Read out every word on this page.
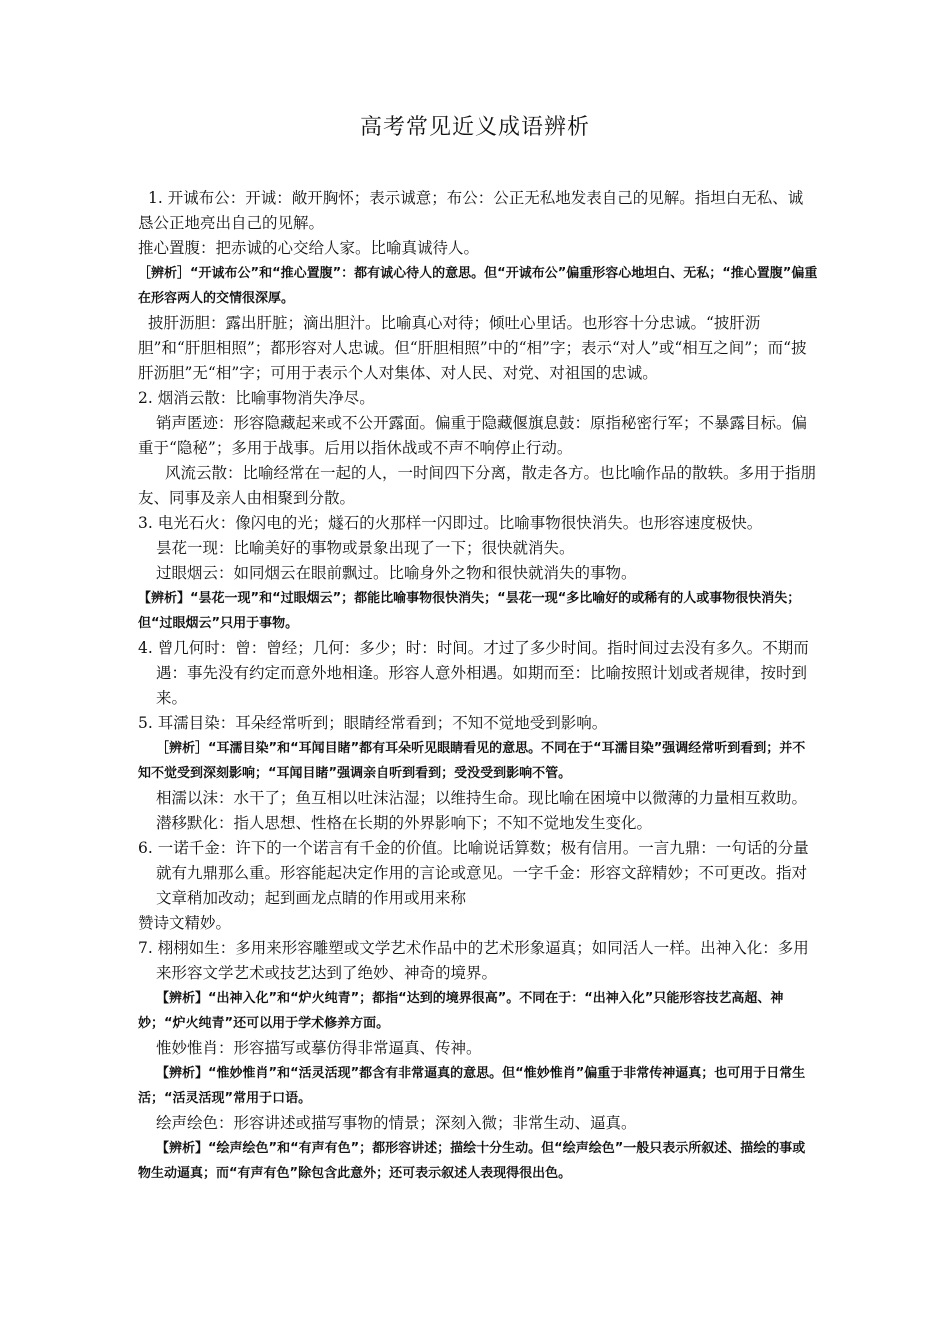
高考常见近义成语辨析

1. 开诚布公：开诚：敞开胸怀；表示诚意；布公：公正无私地发表自己的见解。指坦白无私、诚恳公正地亮出自己的见解。

推心置腹：把赤诚的心交给人家。比喻真诚待人。

［辨析］“开诚布公”和“推心置腹”：都有诚心待人的意思。但“开诚布公”偏重形容心地坦白、无私；“推心置腹”偏重在形容两人的交情很深厚。

披肝沥胆：露出肝脏；滴出胆汁。比喻真心对待；倾吐心里话。也形容十分忠诚。“披肝沥胆”和“肝胆相照”；都形容对人忠诚。但“肝胆相照”中的“相”字；表示“对人”或“相互之间”；而“披肝沥胆”无“相”字；可用于表示个人对集体、对人民、对党、对祖国的忠诚。

2. 烟消云散：比喻事物消失净尽。

销声匿迹：形容隐藏起来或不公开露面。偏重于隐藏偃旗息鼓：原指秘密行军；不暴露目标。偏重于“隐秘”；多用于战事。后用以指休战或不声不响停止行动。

风流云散：比喻经常在一起的人，一时间四下分离，散走各方。也比喻作品的散轶。多用于指朋友、同事及亲人由相聚到分散。

3. 电光石火：像闪电的光；燧石的火那样一闪即过。比喻事物很快消失。也形容速度极快。

昙花一现：比喻美好的事物或景象出现了一下；很快就消失。

过眼烟云：如同烟云在眼前飘过。比喻身外之物和很快就消失的事物。

【辨析】“昙花一现”和“过眼烟云”；都能比喻事物很快消失；“昙花一现“多比喻好的或稀有的人或事物很快消失；但“过眼烟云”只用于事物。

4. 曾几何时：曾：曾经；几何：多少；时：时间。才过了多少时间。指时间过去没有多久。不期而遇：事先没有约定而意外地相逢。形容人意外相遇。如期而至：比喻按照计划或者规律，按时到来。

5. 耳濡目染：耳朵经常听到；眼睛经常看到；不知不觉地受到影响。

［辨析］“耳濡目染”和“耳闻目睹”都有耳朵听见眼睛看见的意思。不同在于“耳濡目染”强调经常听到看到；并不知不觉受到深刻影响；“耳闻目睹”强调亲自听到看到；受没受到影响不管。

相濡以沫：水干了；鱼互相以吐沫沾湿；以维持生命。现比喻在困境中以微薄的力量相互救助。

潜移默化：指人思想、性格在长期的外界影响下；不知不觉地发生变化。

6. 一诺千金：许下的一个诺言有千金的价值。比喻说话算数；极有信用。一言九鼎：一句话的分量就有九鼎那么重。形容能起决定作用的言论或意见。一字千金：形容文辞精妙；不可更改。指对文章稍加改动；起到画龙点睛的作用或用来称

赞诗文精妙。

7. 栩栩如生：多用来形容雕塑或文学艺术作品中的艺术形象逼真；如同活人一样。出神入化：多用来形容文学艺术或技艺达到了绝妙、神奇的境界。

【辨析】“出神入化”和“炉火纯青”；都指“达到的境界很高”。不同在于：“出神入化”只能形容技艺高超、神妙；“炉火纯青”还可以用于学术修养方面。

惟妙惟肖：形容描写或摹仿得非常逼真、传神。

【辨析】“惟妙惟肖”和“活灵活现”都含有非常逼真的意思。但“惟妙惟肖”偏重于非常传神逼真；也可用于日常生活；“活灵活现”常用于口语。

绘声绘色：形容讲述或描写事物的情景；深刻入微；非常生动、逼真。

【辨析】“绘声绘色”和“有声有色”；都形容讲述；描绘十分生动。但“绘声绘色”一般只表示所叙述、描绘的事或物生动逼真；而“有声有色”除包含此意外；还可表示叙述人表现得很出色。
